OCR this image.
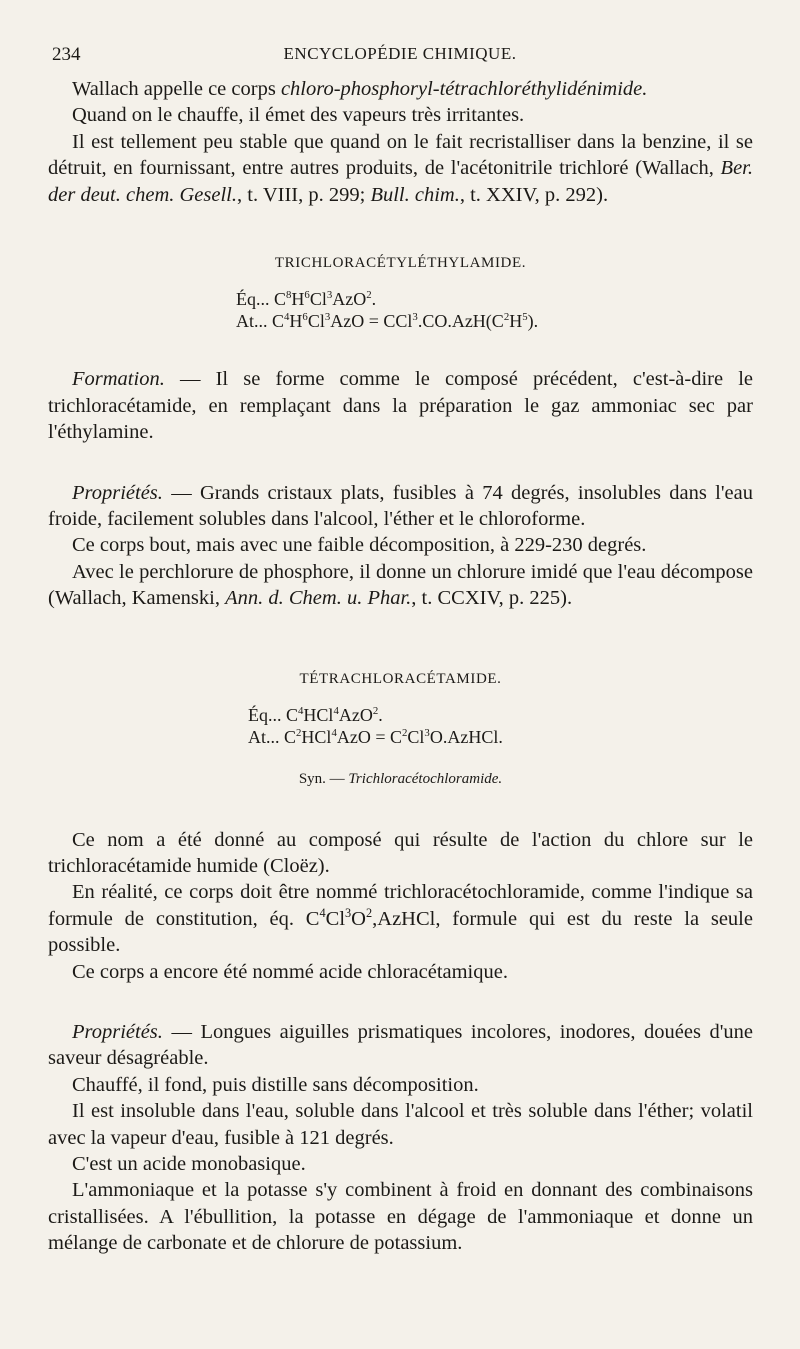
234	ENCYCLOPÉDIE CHIMIQUE.

Wallach appelle ce corps chloro-phosphoryl-tétrachloréthylidénimide.

Quand on le chauffe, il émet des vapeurs très irritantes.

Il est tellement peu stable que quand on le fait recristalliser dans la benzine, il se détruit, en fournissant, entre autres produits, de l'acétonitrile trichloré (Wallach, Ber. der deut. chem. Gesell., t. VIII, p. 299; Bull. chim., t. XXIV, p. 292).

TRICHLORACÉTYLÉTHYLAMIDE.
Éq... $C^8H^6Cl^3AzO^2$.
At... $C^4H^6Cl^3AzO = CCl^3.CO.AzH(C^2H^5)$.

Formation. — Il se forme comme le composé précédent, c'est-à-dire le trichloracétamide, en remplaçant dans la préparation le gaz ammoniac sec par l'éthylamine.

Propriétés. — Grands cristaux plats, fusibles à 74 degrés, insolubles dans l'eau froide, facilement solubles dans l'alcool, l'éther et le chloroforme.

Ce corps bout, mais avec une faible décomposition, à 229-230 degrés.

Avec le perchlorure de phosphore, il donne un chlorure imidé que l'eau décompose (Wallach, Kamenski, Ann. d. Chem. u. Phar., t. CCXIV, p. 225).

TÉTRACHLORACÉTAMIDE.
Éq... $C^4HCl^4AzO^2$.
At... $C^2HCl^4AzO$ = $C^2Cl^3O.AzHCl$.
Syn. — Trichloracétochloramide.

Ce nom a été donné au composé qui résulte de l'action du chlore sur le trichloracétamide humide (Cloëz).

En réalité, ce corps doit être nommé trichloracétochloramide, comme l'indique sa formule de constitution, éq. $C^4Cl^3O^2,AzHCl$, formule qui est du reste la seule possible.

Ce corps a encore été nommé acide chloracétamique.

Propriétés. — Longues aiguilles prismatiques incolores, inodores, douées d'une saveur désagréable.

Chauffé, il fond, puis distille sans décomposition.

Il est insoluble dans l'eau, soluble dans l'alcool et très soluble dans l'éther; volatil avec la vapeur d'eau, fusible à 121 degrés.

C'est un acide monobasique.

L'ammoniaque et la potasse s'y combinent à froid en donnant des combinaisons cristallisées. A l'ébullition, la potasse en dégage de l'ammoniaque et donne un mélange de carbonate et de chlorure de potassium.
